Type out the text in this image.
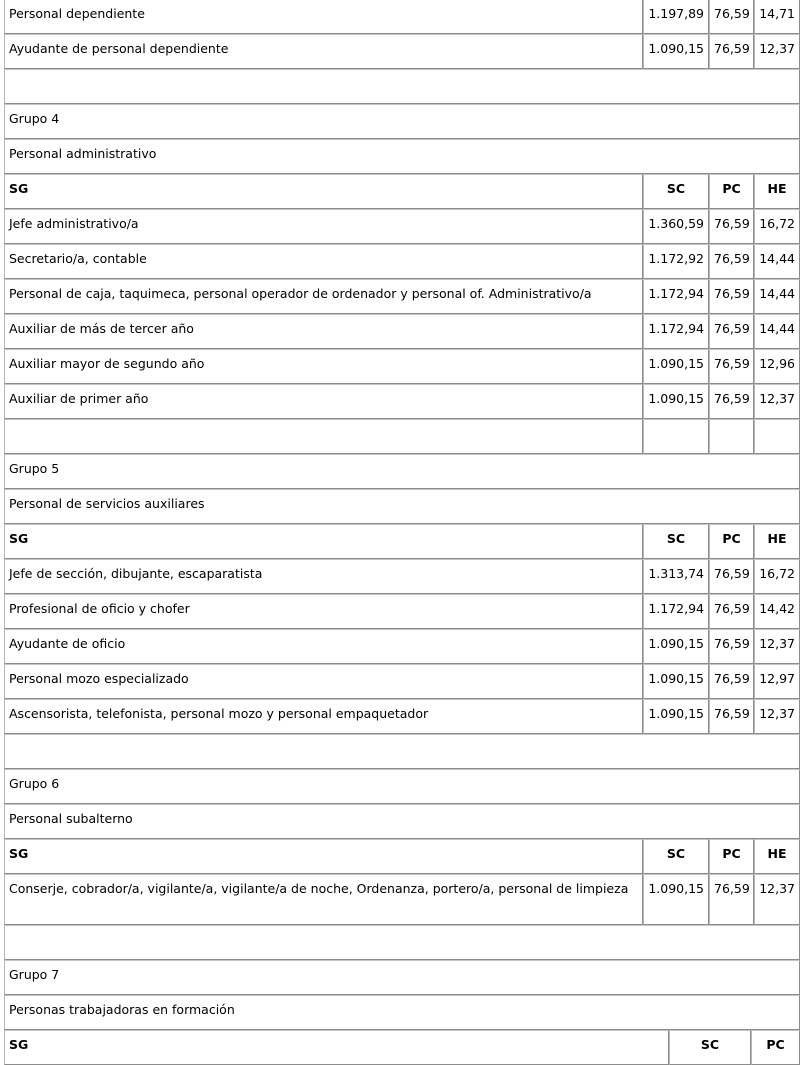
Personal dependiente	1.197,89 76,59 14,71
Ayudante de personal dependiente	1.090,15 76,59 12,37
Grupo 4
Personal administrativo
SG	SC	PC	HE
Jefe administrativo/a	1.360,59 76,59 16,72
Secretario/a, contable	1.172,92 76,59 14,44
Personal de caja, taquimeca, personal operador de ordenador y personal of. Administrativo/a	1.172,94 76,59 14,44
Auxiliar de más de tercer año	1.172,94 76,59 14,44
Auxiliar mayor de segundo año	1.090,15 76,59 12,96
Auxiliar de primer año	1.090,15 76,59 12,37
Grupo 5
Personal de servicios auxiliares
SG	SC	PC	HE
Jefe de sección, dibujante, escaparatista	1.313,74 76,59 16,72
Profesional de oficio y chofer	1.172,94 76,59 14,42
Ayudante de oficio	1.090,15 76,59 12,37
Personal mozo especializado	1.090,15 76,59 12,97
Ascensorista, telefonista, personal mozo y personal empaquetador	1.090,15 76,59 12,37
Grupo 6
Personal subalterno
SG	SC	PC	HE
Conserje, cobrador/a, vigilante/a, vigilante/a de noche, Ordenanza, portero/a, personal de limpieza	1.090,15 76,59 12,37
Grupo 7
Personas trabajadoras en formación
SG	SC	PC
